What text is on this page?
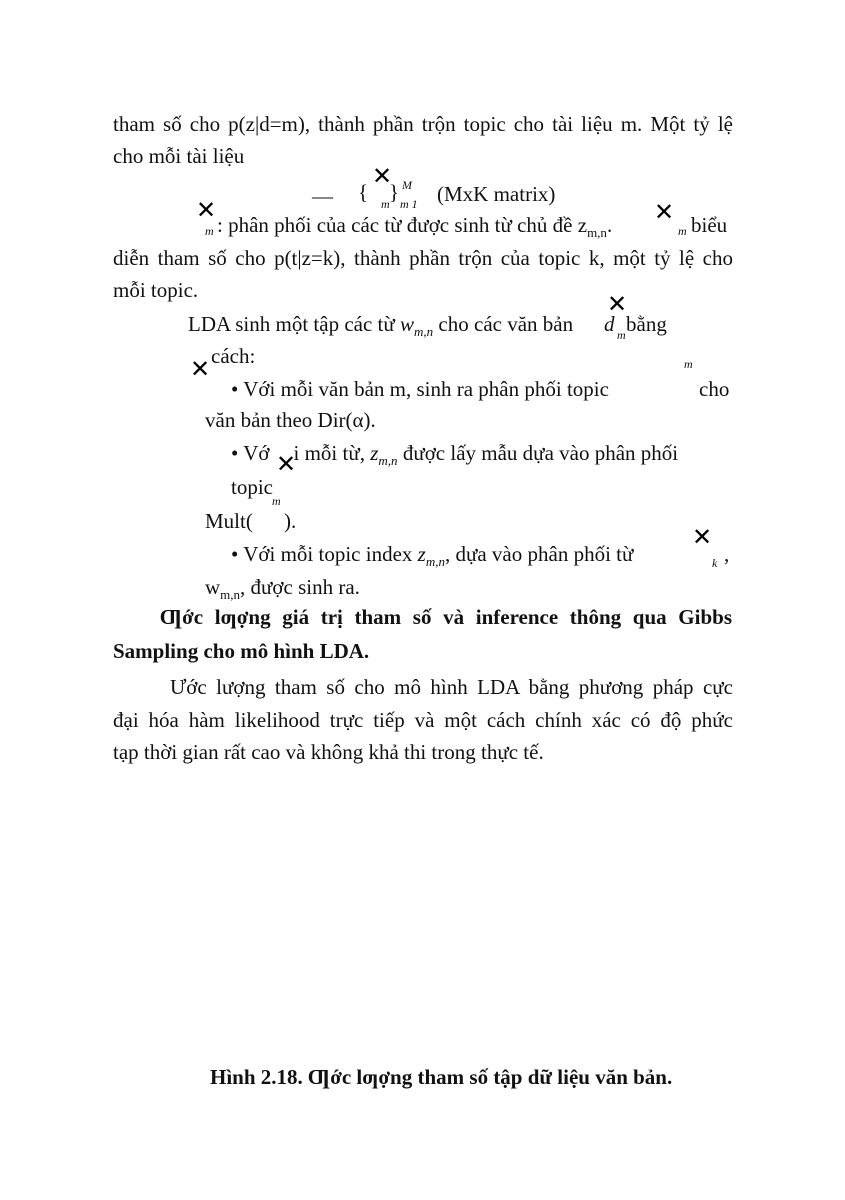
tham số cho p(z|d=m), thành phần trộn topic cho tài liệu m. Một tỷ lệ
cho mỗi tài liệu
✕
— { m } M
m 1 (MxK matrix)
✕
m : phân phối của các từ được sinh từ chủ đề $z_{m,n}$. ✕
m biểu
diễn tham số cho p(t|z=k), thành phần trộn của topic k, một tỷ lệ cho
mỗi topic.
LDA sinh một tập các từ $w_{m,n}$ cho các văn bản
✕
d m bằng
✕ cách:
• Với mỗi văn bản m, sinh ra phân phối topic
m
cho
văn bản theo Dir(α).
• Vớ i mỗi từ, $z_{m,n}$ được lấy mẫu dựa vào phân phối
✕
topic
m
Mult( ).
• Với mỗi topic index $z_{m,n}$, dựa vào phân phối từ
✕
k ,
$w_{m,n}$, được sinh ra.
Ƣớc lƣợng giá trị tham số và inference thông qua Gibbs
Sampling cho mô hình LDA.
Ước lượng tham số cho mô hình LDA bằng phương pháp cực
đại hóa hàm likelihood trực tiếp và một cách chính xác có độ phức
tạp thời gian rất cao và không khả thi trong thực tế.
Hình 2.18. Ƣớc lƣợng tham số tập dữ liệu văn bản.
